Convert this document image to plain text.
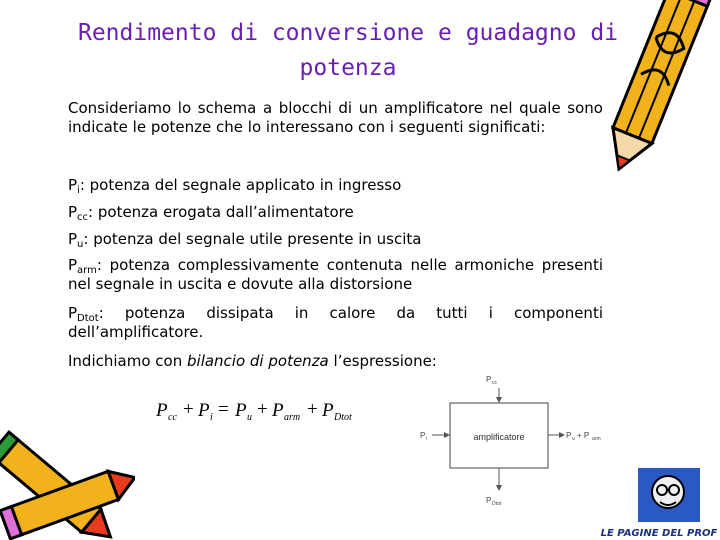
Rendimento di conversione e guadagno di
potenza
Consideriamo lo schema a blocchi di un amplificatore nel quale sono indicate le potenze che lo interessano con i seguenti significati:
$P_i$: potenza del segnale applicato in ingresso
$P_{cc}$: potenza erogata dall’alimentatore
$P_u$: potenza del segnale utile presente in uscita
$P_{arm}$: potenza complessivamente contenuta nelle armoniche presenti nel segnale in uscita e dovute alla distorsione
$P_{Dtot}$: potenza dissipata in calore da tutti i componenti dell’amplificatore.
Indichiamo con bilancio di potenza l’espressione:
P cc + P i = P u + P arm + P Dtot
amplificatore
P cc
P i	P u + P arm
P Dtot
LE PAGINE DEL PROF
